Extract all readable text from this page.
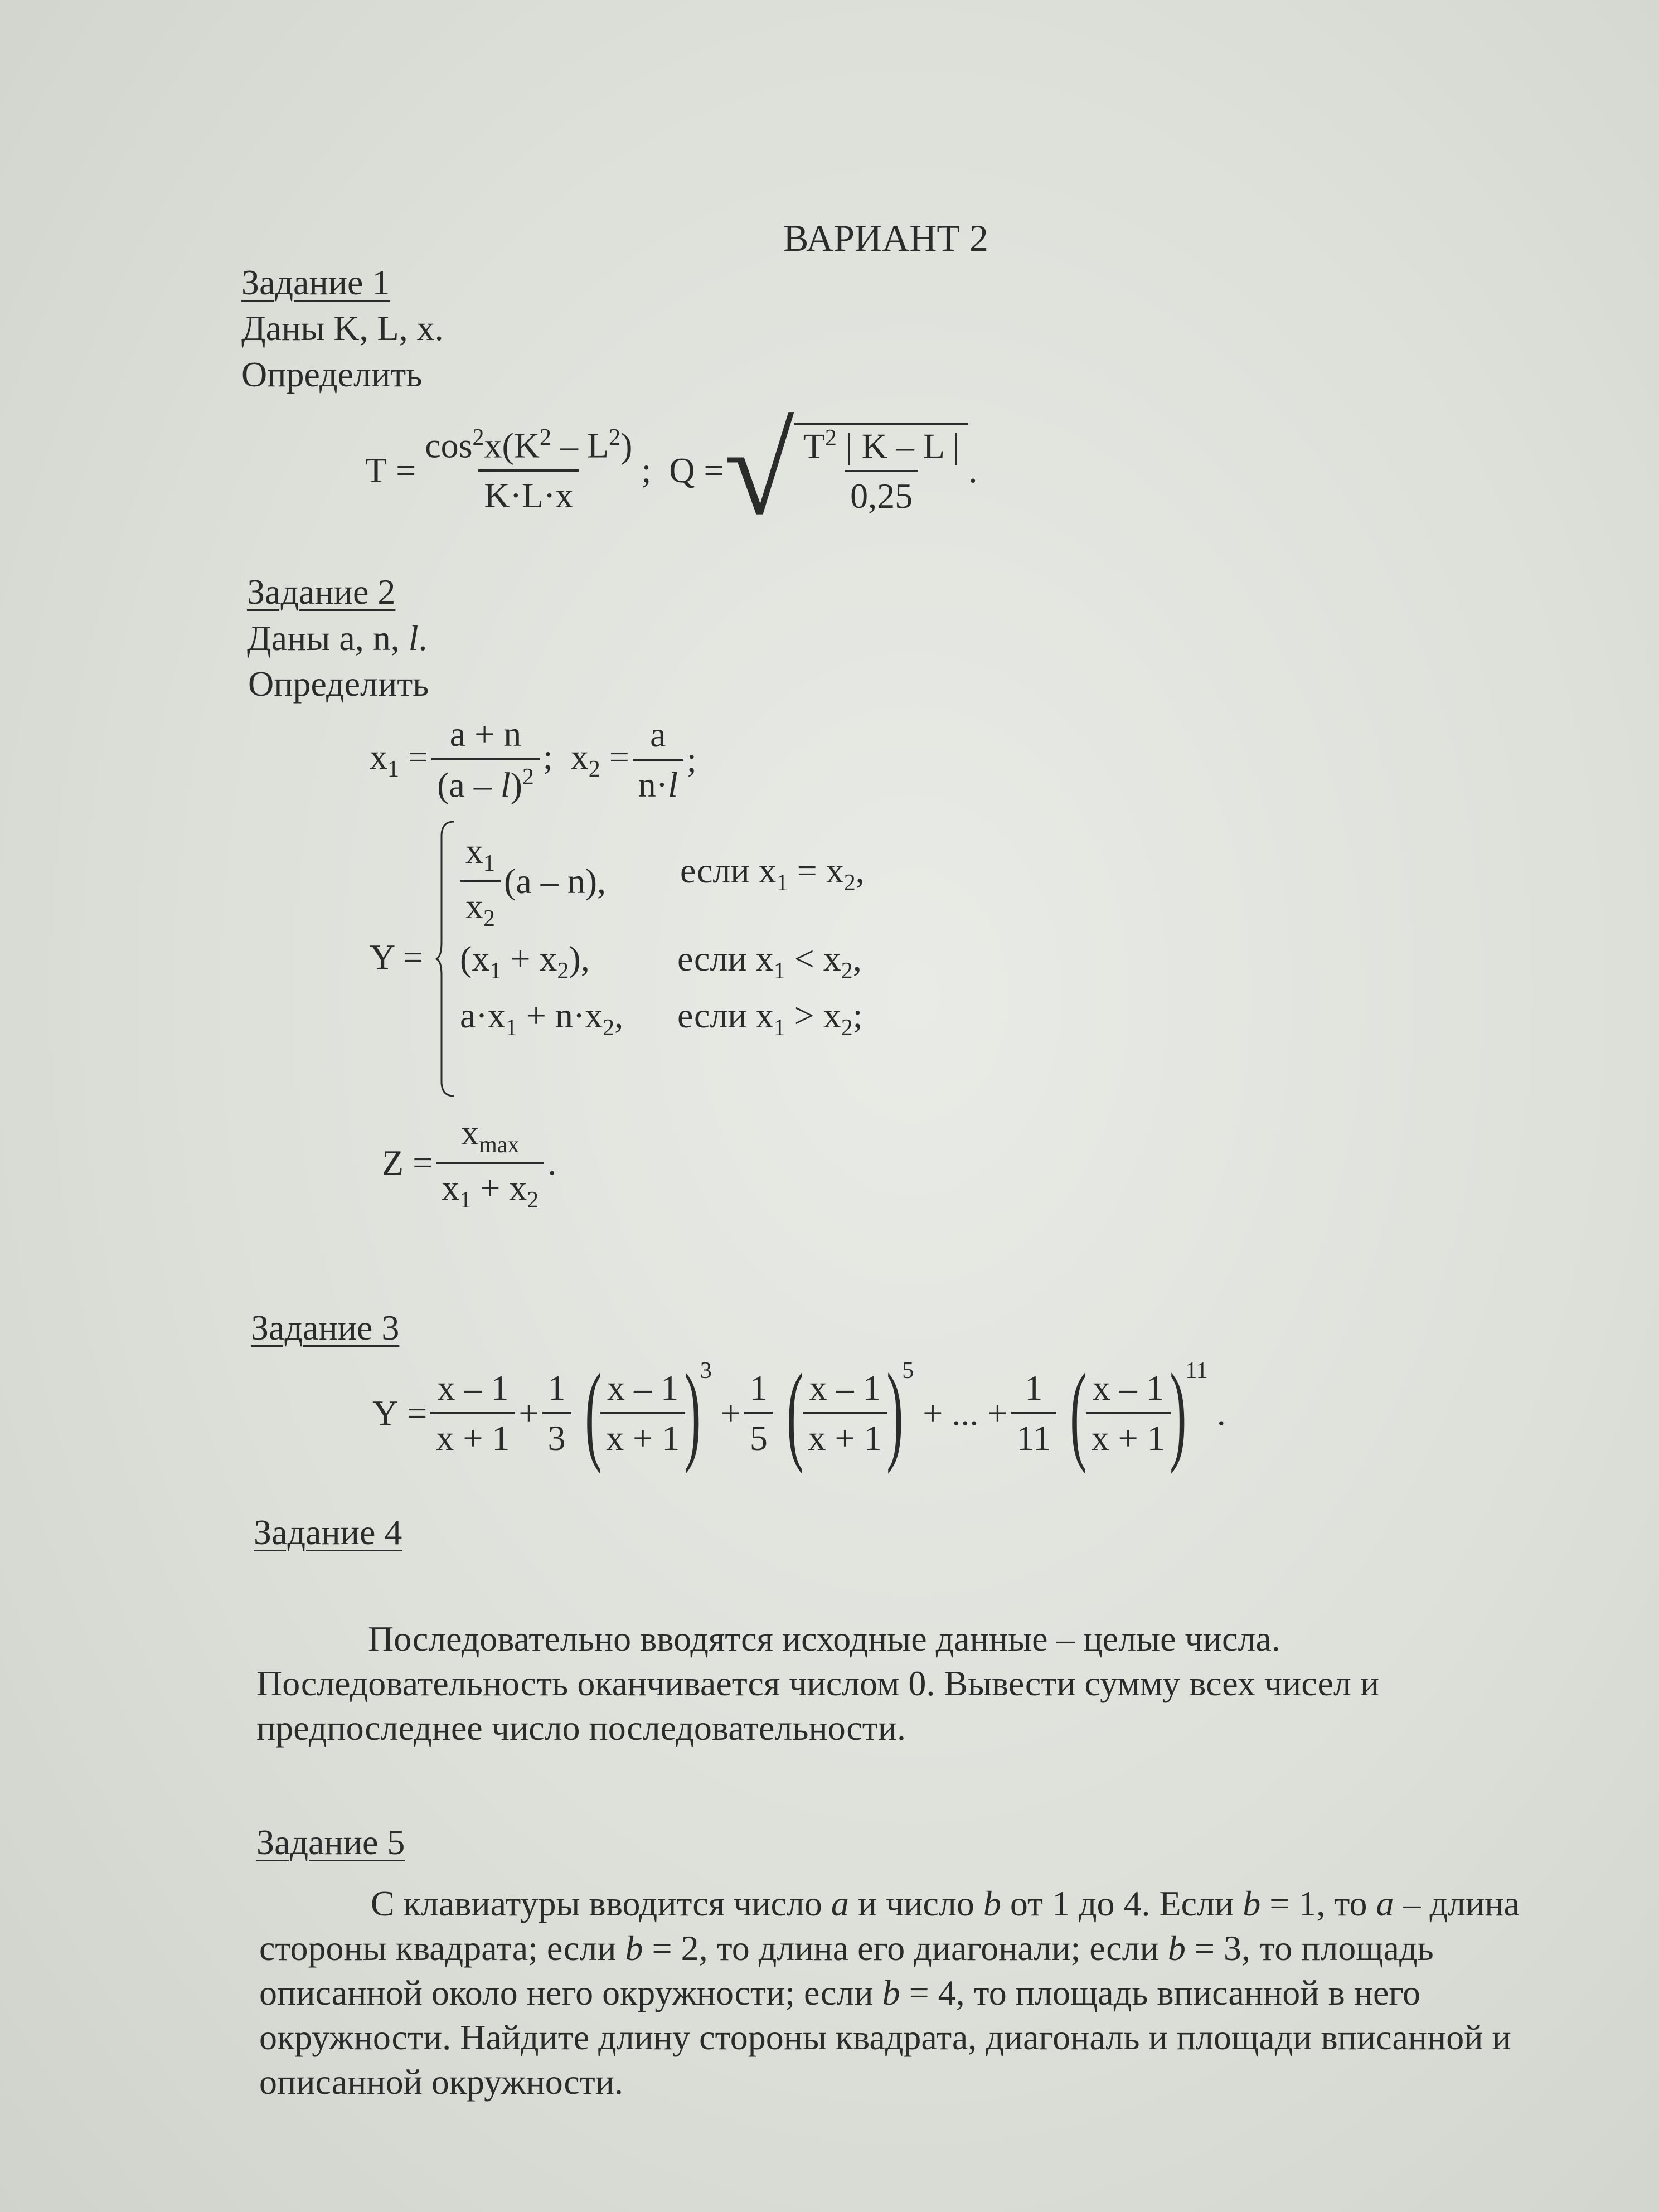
ВАРИАНТ 2
Задание 1
Даны K, L, x.
Определить
$T = \frac{\cos^2x(K^2 - L^2)}{K\cdot L\cdot x}$ ;  Q = √ $\frac{T^2 | K - L |}{0,25}$ .
Задание 2
Даны a, n, l.
Определить
$x_1 = \frac{a + n}{(a - l)^2}$ ;  $x_2 = \frac{a}{n\cdot l}$ ;
Y =
$\frac{x_1}{x_2} (a - n)$, если $x_1 = x_2$,
$(x_1 + x_2)$, если $x_1 < x_2$,
$a\cdot x_1 + n\cdot x_2$, если $x_1 > x_2$;
$Z = \frac{x_{max}}{x_1 + x_2}$ .
Задание 3
$Y = \frac{x - 1}{x + 1} + \frac{1}{3}$ (
$\frac{x - 1}{x + 1}$
)
3
+ $\frac{1}{5}$ (
$\frac{x - 1}{x + 1}$
)
5
+ ... + $\frac{1}{11}$ (
$\frac{x - 1}{x + 1}$
)
11
.
Задание 4
Последовательно вводятся исходные данные – целые числа. Последовательность оканчивается числом 0. Вывести сумму всех чисел и предпоследнее число последовательности.
Задание 5
С клавиатуры вводится число a и число b от 1 до 4. Если b = 1, то a – длина стороны квадрата; если b = 2, то длина его диагонали; если b = 3, то площадь описанной около него окружности; если b = 4, то площадь вписанной в него окружности. Найдите длину стороны квадрата, диагональ и площади вписанной и описанной окружности.
